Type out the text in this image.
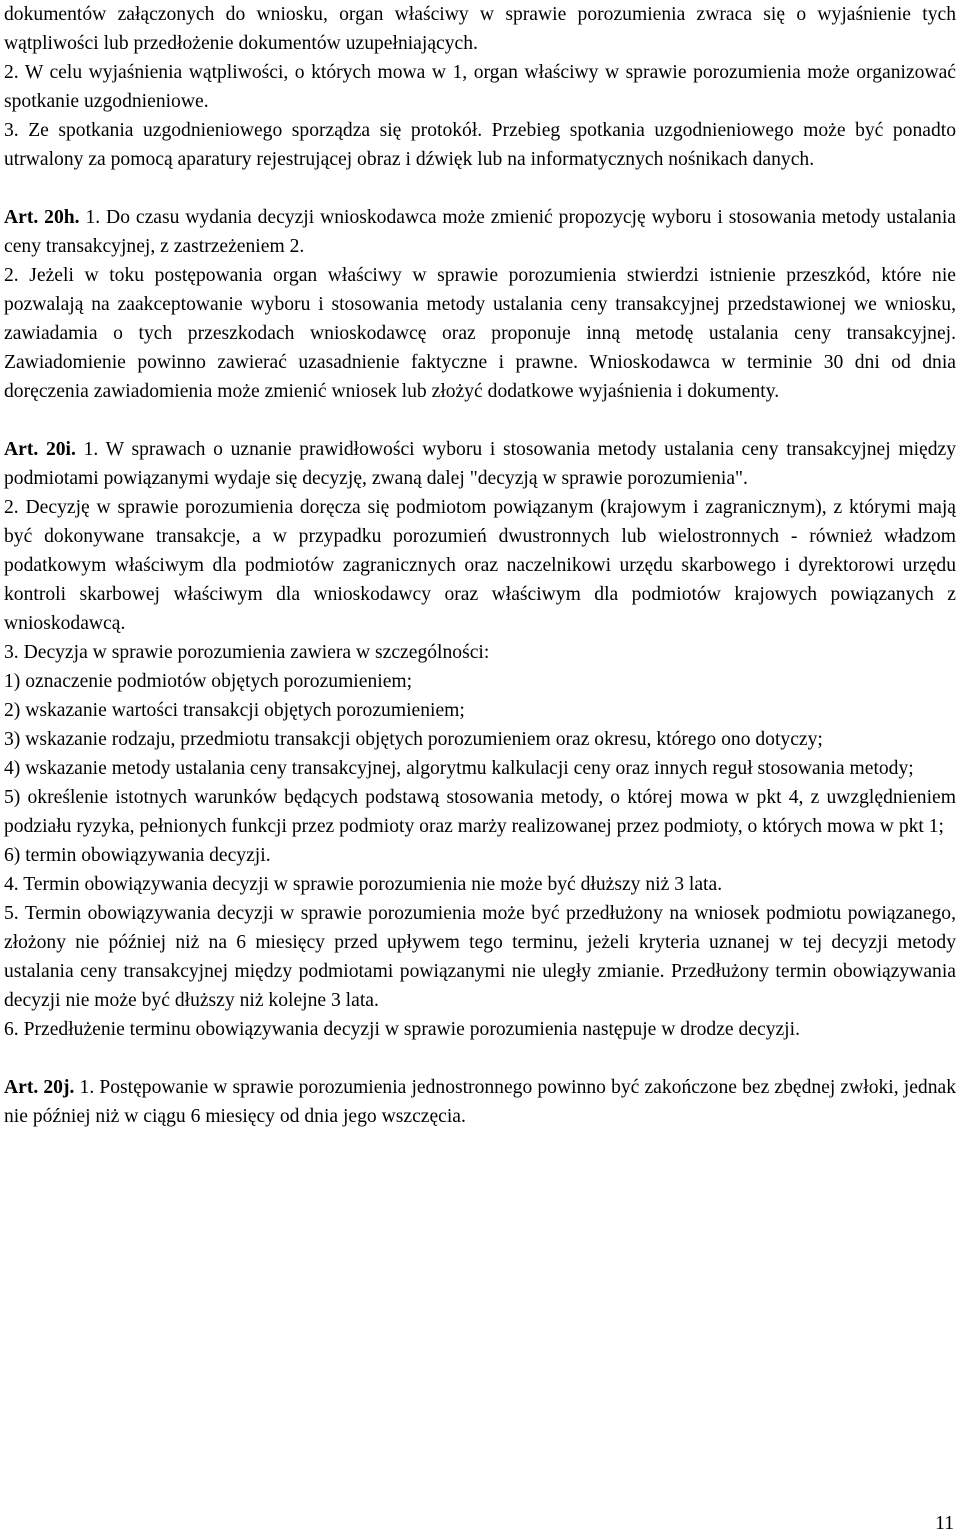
dokumentów załączonych do wniosku, organ właściwy w sprawie porozumienia zwraca się o wyjaśnienie tych wątpliwości lub przedłożenie dokumentów uzupełniających.

2. W celu wyjaśnienia wątpliwości, o których mowa w 1, organ właściwy w sprawie porozumienia może organizować spotkanie uzgodnieniowe.

3. Ze spotkania uzgodnieniowego sporządza się protokół. Przebieg spotkania uzgodnieniowego może być ponadto utrwalony za pomocą aparatury rejestrującej obraz i dźwięk lub na informatycznych nośnikach danych.

Art. 20h. 1. Do czasu wydania decyzji wnioskodawca może zmienić propozycję wyboru i stosowania metody ustalania ceny transakcyjnej, z zastrzeżeniem 2.

2. Jeżeli w toku postępowania organ właściwy w sprawie porozumienia stwierdzi istnienie przeszkód, które nie pozwalają na zaakceptowanie wyboru i stosowania metody ustalania ceny transakcyjnej przedstawionej we wniosku, zawiadamia o tych przeszkodach wnioskodawcę oraz proponuje inną metodę ustalania ceny transakcyjnej. Zawiadomienie powinno zawierać uzasadnienie faktyczne i prawne. Wnioskodawca w terminie 30 dni od dnia doręczenia zawiadomienia może zmienić wniosek lub złożyć dodatkowe wyjaśnienia i dokumenty.

Art. 20i. 1. W sprawach o uznanie prawidłowości wyboru i stosowania metody ustalania ceny transakcyjnej między podmiotami powiązanymi wydaje się decyzję, zwaną dalej "decyzją w sprawie porozumienia".

2. Decyzję w sprawie porozumienia doręcza się podmiotom powiązanym (krajowym i zagranicznym), z którymi mają być dokonywane transakcje, a w przypadku porozumień dwustronnych lub wielostronnych - również władzom podatkowym właściwym dla podmiotów zagranicznych oraz naczelnikowi urzędu skarbowego i dyrektorowi urzędu kontroli skarbowej właściwym dla wnioskodawcy oraz właściwym dla podmiotów krajowych powiązanych z wnioskodawcą.

3. Decyzja w sprawie porozumienia zawiera w szczególności:

1) oznaczenie podmiotów objętych porozumieniem;

2) wskazanie wartości transakcji objętych porozumieniem;

3) wskazanie rodzaju, przedmiotu transakcji objętych porozumieniem oraz okresu, którego ono dotyczy;

4) wskazanie metody ustalania ceny transakcyjnej, algorytmu kalkulacji ceny oraz innych reguł stosowania metody;

5) określenie istotnych warunków będących podstawą stosowania metody, o której mowa w pkt 4, z uwzględnieniem podziału ryzyka, pełnionych funkcji przez podmioty oraz marży realizowanej przez podmioty, o których mowa w pkt 1;

6) termin obowiązywania decyzji.

4. Termin obowiązywania decyzji w sprawie porozumienia nie może być dłuższy niż 3 lata.

5. Termin obowiązywania decyzji w sprawie porozumienia może być przedłużony na wniosek podmiotu powiązanego, złożony nie później niż na 6 miesięcy przed upływem tego terminu, jeżeli kryteria uznanej w tej decyzji metody ustalania ceny transakcyjnej między podmiotami powiązanymi nie uległy zmianie. Przedłużony termin obowiązywania decyzji nie może być dłuższy niż kolejne 3 lata.

6. Przedłużenie terminu obowiązywania decyzji w sprawie porozumienia następuje w drodze decyzji.

Art. 20j. 1. Postępowanie w sprawie porozumienia jednostronnego powinno być zakończone bez zbędnej zwłoki, jednak nie później niż w ciągu 6 miesięcy od dnia jego wszczęcia.

11
